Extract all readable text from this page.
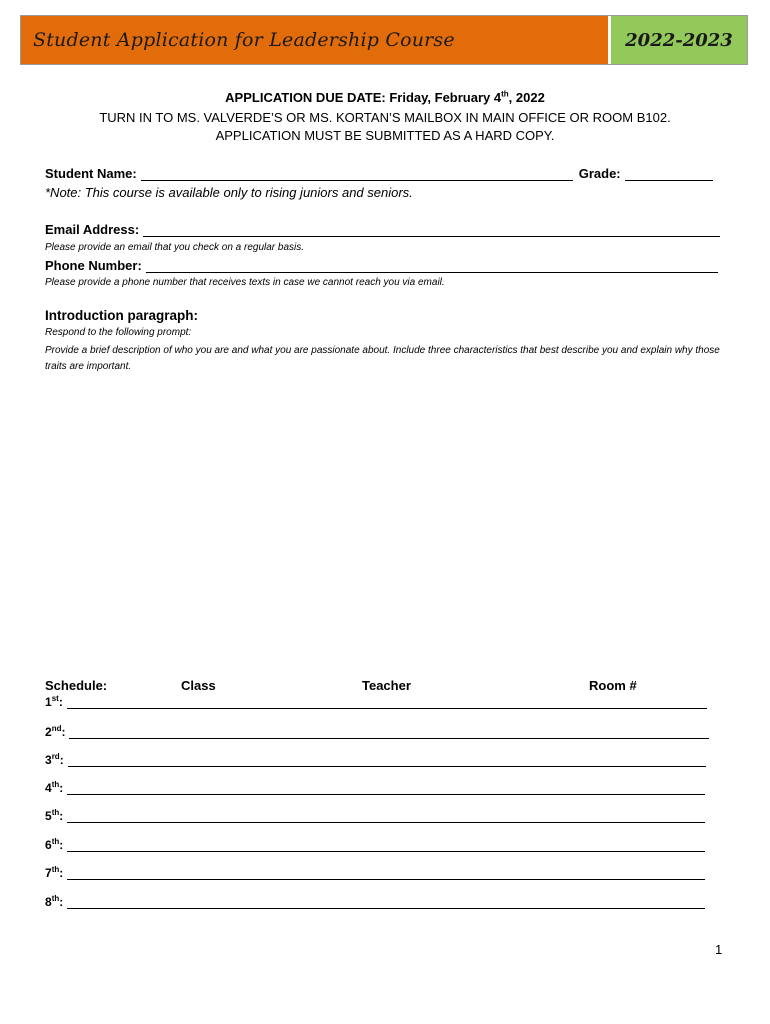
Student Application for Leadership Course	2022-2023
APPLICATION DUE DATE: Friday, February 4th, 2022
TURN IN TO MS. VALVERDE’S OR MS. KORTAN’S MAILBOX IN MAIN OFFICE OR ROOM B102.
APPLICATION MUST BE SUBMITTED AS A HARD COPY.
Student Name:	Grade:
*Note: This course is available only to rising juniors and seniors.
Email Address:
Please provide an email that you check on a regular basis.
Phone Number:
Please provide a phone number that receives texts in case we cannot reach you via email.
Introduction paragraph:
Respond to the following prompt:
Provide a brief description of who you are and what you are passionate about. Include three characteristics that best describe you and explain why those traits are important.
Schedule:	Class	Teacher	Room #
1st:
2nd:
3rd:
4th:
5th:
6th:
7th:
8th:
1
